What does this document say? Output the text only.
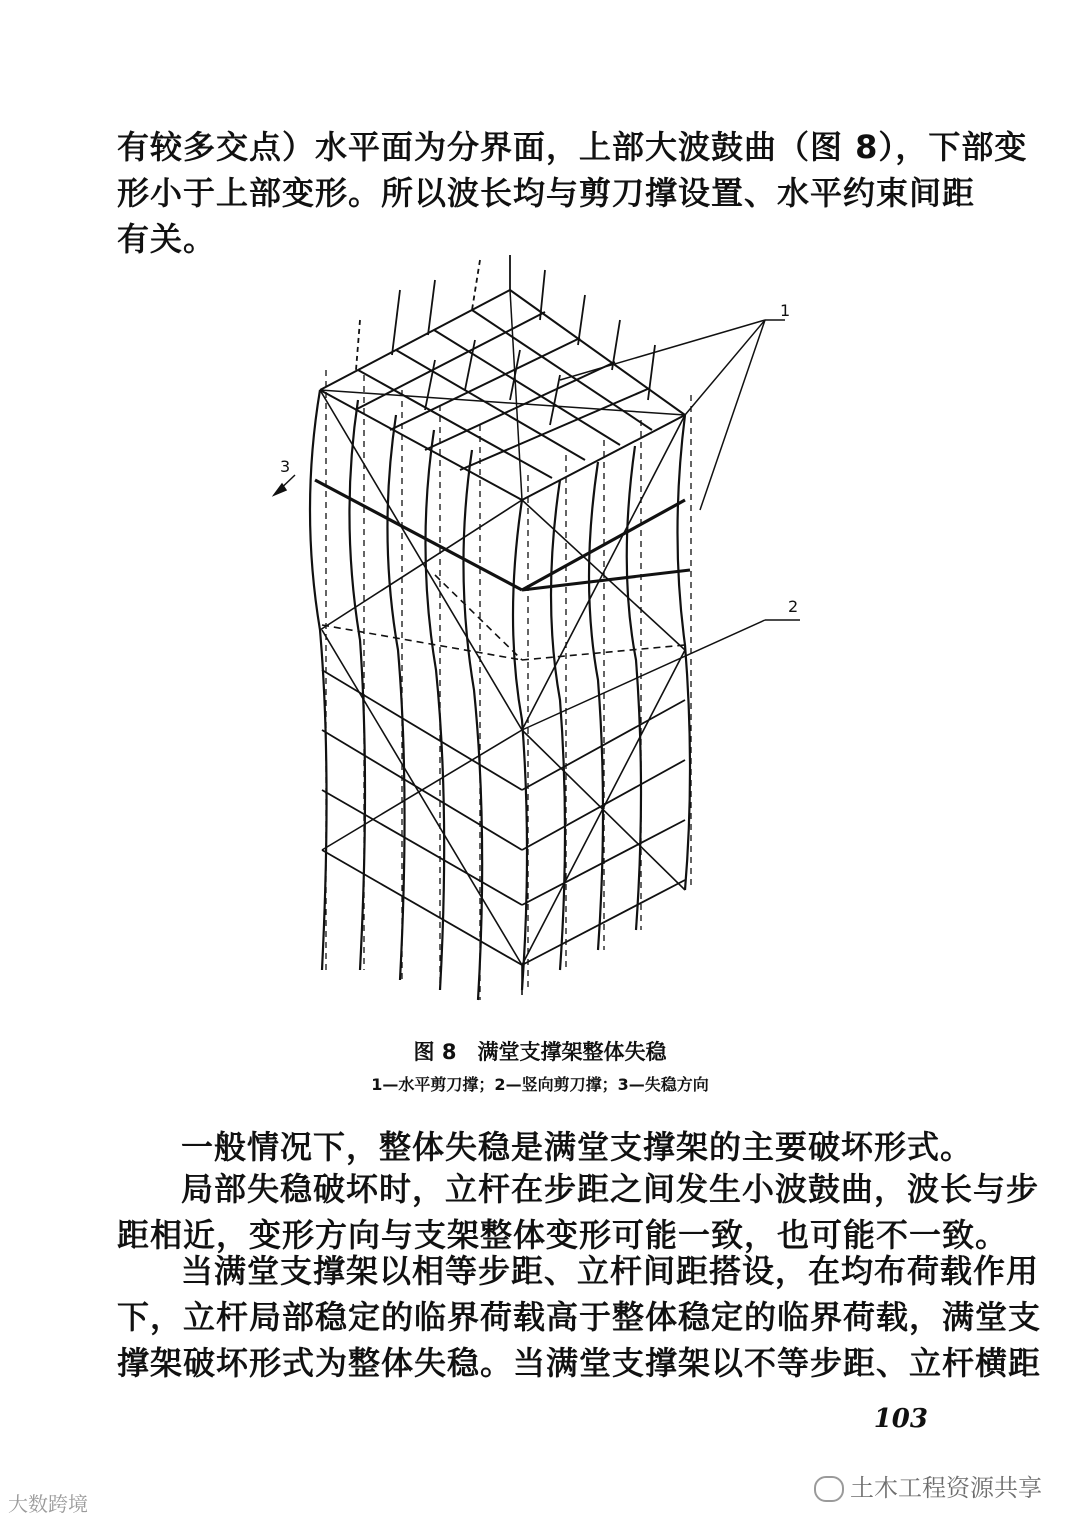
有较多交点）水平面为分界面，上部大波鼓曲（图 8），下部变
形小于上部变形。所以波长均与剪刀撑设置、水平约束间距
有关。
1
2
3
图 8　满堂支撑架整体失稳
1—水平剪刀撑；2—竖向剪刀撑；3—失稳方向
一般情况下，整体失稳是满堂支撑架的主要破坏形式。
局部失稳破坏时，立杆在步距之间发生小波鼓曲，波长与步
距相近，变形方向与支架整体变形可能一致，也可能不一致。
当满堂支撑架以相等步距、立杆间距搭设，在均布荷载作用
下，立杆局部稳定的临界荷载高于整体稳定的临界荷载，满堂支
撑架破坏形式为整体失稳。当满堂支撑架以不等步距、立杆横距
103
土木工程资源共享
大数跨境
